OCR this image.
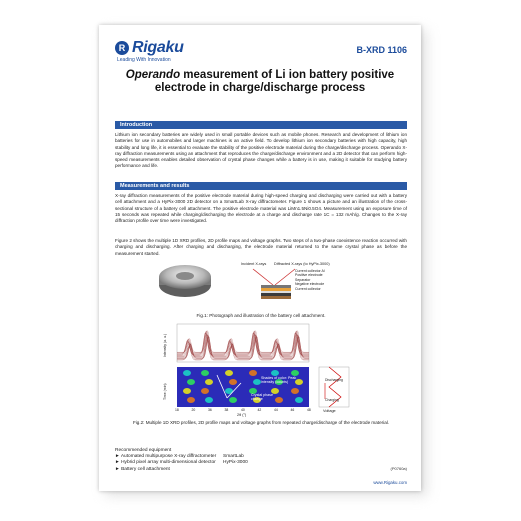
R Rigaku
Leading With Innovation
B-XRD 1106
Operando measurement of Li ion battery positive electrode in charge/discharge process
Introduction
Lithium ion secondary batteries are widely used in small portable devices such as mobile phones. Research and development of lithium ion batteries for use in automobiles and larger machines is an active field. To develop lithium ion secondary batteries with high capacity, high stability and long life, it is essential to evaluate the stability of the positive electrode material during the charge/discharge process. Operando X-ray diffraction measurements using an attachment that reproduces the charge/discharge environment and a 2D detector that can perform high-speed measurements enables detailed observation of crystal phase changes while a battery is in use, making it suitable for studying battery performance and life.
Measurements and results
X-ray diffraction measurements of the positive electrode material during high-speed charging and discharging were carried out with a battery cell attachment and a HyPix-3000 2D detector on a SmartLab X-ray diffractometer. Figure 1 shows a picture and an illustration of the cross-sectional structure of a battery cell attachment. The positive electrode material was LiMn1.5Ni0.5O4. Measurement using an exposure time of 15 seconds was repeated while charging/discharging the electrode at a charge and discharge rate 1C = 132 mAh/g. Changes to the X-ray diffraction profile over time were investigated.
Figure 2 shows the multiple 1D XRD profiles, 2D profile maps and voltage graphs. Two steps of a two-phase coexistence reaction occurred with charging and discharging. After charging and discharging, the electrode material returned to the same crystal phase as before the measurement started.
Incident X-rays Diffracted X-rays (to HyPix-3000)
Current collector Al
Positive electrode
Separator
Negative electrode
Current collector
Fig.1: Photograph and illustration of the battery cell attachment.
Intensity (a. u.)
Time (min)
Shades of color: Peak intensity (counts)
Crystal phase change
Discharging
Charging
18	20	36	38	40	42	44	46	48
2θ (°)
Voltage
Fig.2: Multiple 1D XRD profiles, 2D profile maps and voltage graphs from repeated charge/discharge of the electrode material.
Recommended equipment
► Automated multipurpose X-ray diffractometer	SmartLab
► Hybrid pixel array multi-dimensional detector	HyPix-3000
► Battery cell attachment	(P0760a)
www.Rigaku.com
